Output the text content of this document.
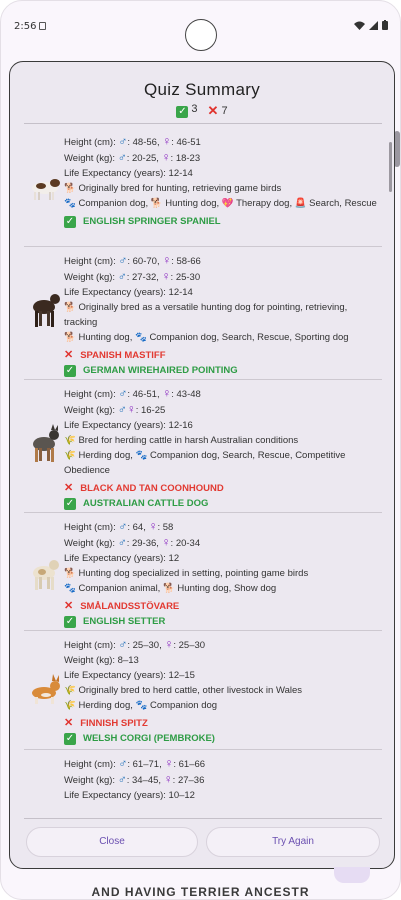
2:56
Quiz Summary
✓ 3 ✕ 7
Height (cm): ♂: 48-56, ♀: 46-51
Weight (kg): ♂: 20-25, ♀: 18-23
Life Expectancy (years): 12-14
🐕 Originally bred for hunting, retrieving game birds
🐾 Companion dog, 🐕 Hunting dog, 💖 Therapy dog, 🚨 Search, Rescue
✓ ENGLISH SPRINGER SPANIEL
Height (cm): ♂: 60-70, ♀: 58-66
Weight (kg): ♂: 27-32, ♀: 25-30
Life Expectancy (years): 12-14
🐕 Originally bred as a versatile hunting dog for pointing, retrieving, tracking
🐕 Hunting dog, 🐾 Companion dog, Search, Rescue, Sporting dog
✕ SPANISH MASTIFF
✓ GERMAN WIREHAIRED POINTING
Height (cm): ♂: 46-51, ♀: 43-48
Weight (kg): ♂♀: 16-25
Life Expectancy (years): 12-16
🌾 Bred for herding cattle in harsh Australian conditions
🌾 Herding dog, 🐾 Companion dog, Search, Rescue, Competitive Obedience
✕ BLACK AND TAN COONHOUND
✓ AUSTRALIAN CATTLE DOG
Height (cm): ♂: 64, ♀: 58
Weight (kg): ♂: 29-36, ♀: 20-34
Life Expectancy (years): 12
🐕 Hunting dog specialized in setting, pointing game birds
🐾 Companion animal, 🐕 Hunting dog, Show dog
✕ SMÅLANDSSTÖVARE
✓ ENGLISH SETTER
Height (cm): ♂: 25–30, ♀: 25–30
Weight (kg): 8–13
Life Expectancy (years): 12–15
🌾 Originally bred to herd cattle, other livestock in Wales
🌾 Herding dog, 🐾 Companion dog
✕ FINNISH SPITZ
✓ WELSH CORGI (PEMBROKE)
Height (cm): ♂: 61–71, ♀: 61–66
Weight (kg): ♂: 34–45, ♀: 27–36
Life Expectancy (years): 10–12
Close	Try Again
AND HAVING TERRIER ANCESTR
